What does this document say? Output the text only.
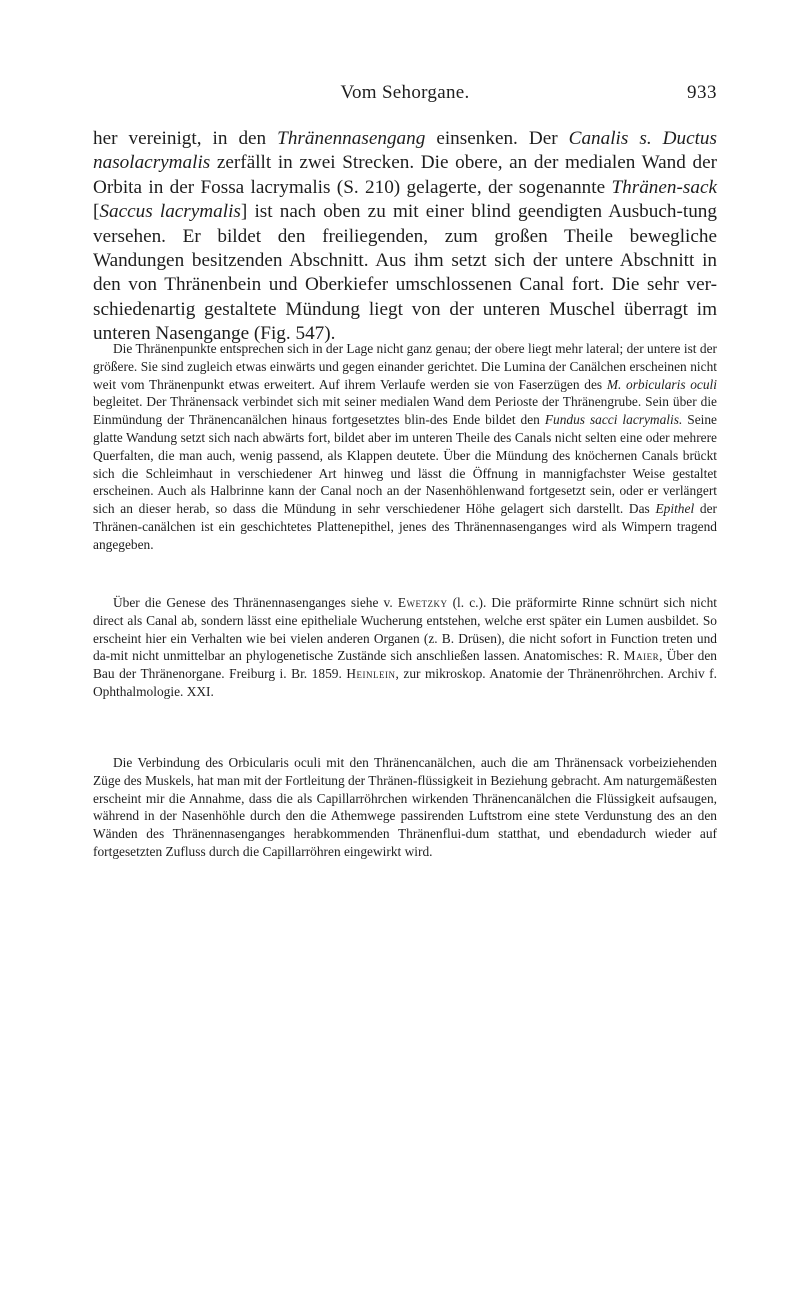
Vom Sehorgane.	933

her vereinigt, in den Thränennasengang einsenken. Der Canalis s. Ductus nasolacrymalis zerfällt in zwei Strecken. Die obere, an der medialen Wand der Orbita in der Fossa lacrymalis (S. 210) gelagerte, der sogenannte Thränen-sack [Saccus lacrymalis] ist nach oben zu mit einer blind geendigten Ausbuch-tung versehen. Er bildet den freiliegenden, zum großen Theile bewegliche Wandungen besitzenden Abschnitt. Aus ihm setzt sich der untere Abschnitt in den von Thränenbein und Oberkiefer umschlossenen Canal fort. Die sehr ver-schiedenartig gestaltete Mündung liegt von der unteren Muschel überragt im unteren Nasengange (Fig. 547).

Die Thränenpunkte entsprechen sich in der Lage nicht ganz genau; der obere liegt mehr lateral; der untere ist der größere. Sie sind zugleich etwas einwärts und gegen einander gerichtet. Die Lumina der Canälchen erscheinen nicht weit vom Thränenpunkt etwas erweitert. Auf ihrem Verlaufe werden sie von Faserzügen des M. orbicularis oculi begleitet. Der Thränensack verbindet sich mit seiner medialen Wand dem Perioste der Thränengrube. Sein über die Einmündung der Thränencanälchen hinaus fortgesetztes blin-des Ende bildet den Fundus sacci lacrymalis. Seine glatte Wandung setzt sich nach abwärts fort, bildet aber im unteren Theile des Canals nicht selten eine oder mehrere Querfalten, die man auch, wenig passend, als Klappen deutete. Über die Mündung des knöchernen Canals brückt sich die Schleimhaut in verschiedener Art hinweg und lässt die Öffnung in mannigfachster Weise gestaltet erscheinen. Auch als Halbrinne kann der Canal noch an der Nasenhöhlenwand fortgesetzt sein, oder er verlängert sich an dieser herab, so dass die Mündung in sehr verschiedener Höhe gelagert sich darstellt. Das Epithel der Thränen-canälchen ist ein geschichtetes Plattenepithel, jenes des Thränennasenganges wird als Wimpern tragend angegeben.

Über die Genese des Thränennasenganges siehe v. Ewetzky (l. c.). Die präformirte Rinne schnürt sich nicht direct als Canal ab, sondern lässt eine epitheliale Wucherung entstehen, welche erst später ein Lumen ausbildet. So erscheint hier ein Verhalten wie bei vielen anderen Organen (z. B. Drüsen), die nicht sofort in Function treten und da-mit nicht unmittelbar an phylogenetische Zustände sich anschließen lassen. Anatomisches: R. Maier, Über den Bau der Thränenorgane. Freiburg i. Br. 1859. Heinlein, zur mikroskop. Anatomie der Thränenröhrchen. Archiv f. Ophthalmologie. XXI.

Die Verbindung des Orbicularis oculi mit den Thränencanälchen, auch die am Thränensack vorbeiziehenden Züge des Muskels, hat man mit der Fortleitung der Thränen-flüssigkeit in Beziehung gebracht. Am naturgemäßesten erscheint mir die Annahme, dass die als Capillarröhrchen wirkenden Thränencanälchen die Flüssigkeit aufsaugen, während in der Nasenhöhle durch den die Athemwege passirenden Luftstrom eine stete Verdunstung des an den Wänden des Thränennasenganges herabkommenden Thränenflui-dum statthat, und ebendadurch wieder auf fortgesetzten Zufluss durch die Capillarröhren eingewirkt wird.
